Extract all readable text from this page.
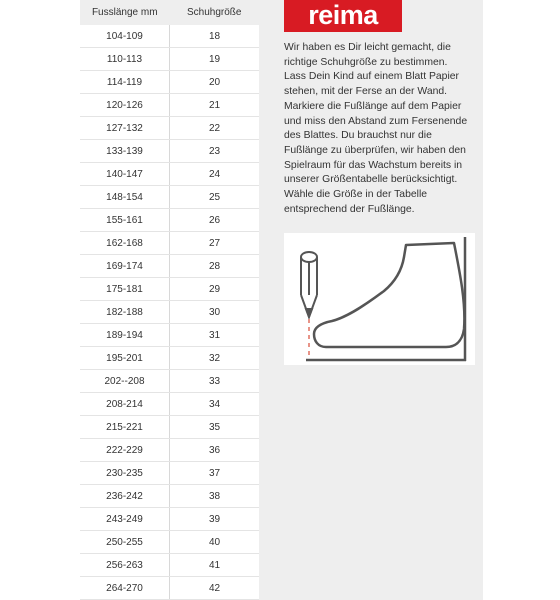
Fusslänge mm	Schuhgröße
104-109	18
110-113	19
114-119	20
120-126	21
127-132	22
133-139	23
140-147	24
148-154	25
155-161	26
162-168	27
169-174	28
175-181	29
182-188	30
189-194	31
195-201	32
202--208	33
208-214	34
215-221	35
222-229	36
230-235	37
236-242	38
243-249	39
250-255	40
256-263	41
264-270	42
reima

Wir haben es Dir leicht gemacht, die
richtige Schuhgröße zu bestimmen.
Lass Dein Kind auf einem Blatt Papier
stehen, mit der Ferse an der Wand.
Markiere die Fußlänge auf dem Papier
und miss den Abstand zum Fersenende
des Blattes. Du brauchst nur die
Fußlänge zu überprüfen, wir haben den
Spielraum für das Wachstum bereits in
unserer Größentabelle berücksichtigt.
Wähle die Größe in der Tabelle
entsprechend der Fußlänge.
